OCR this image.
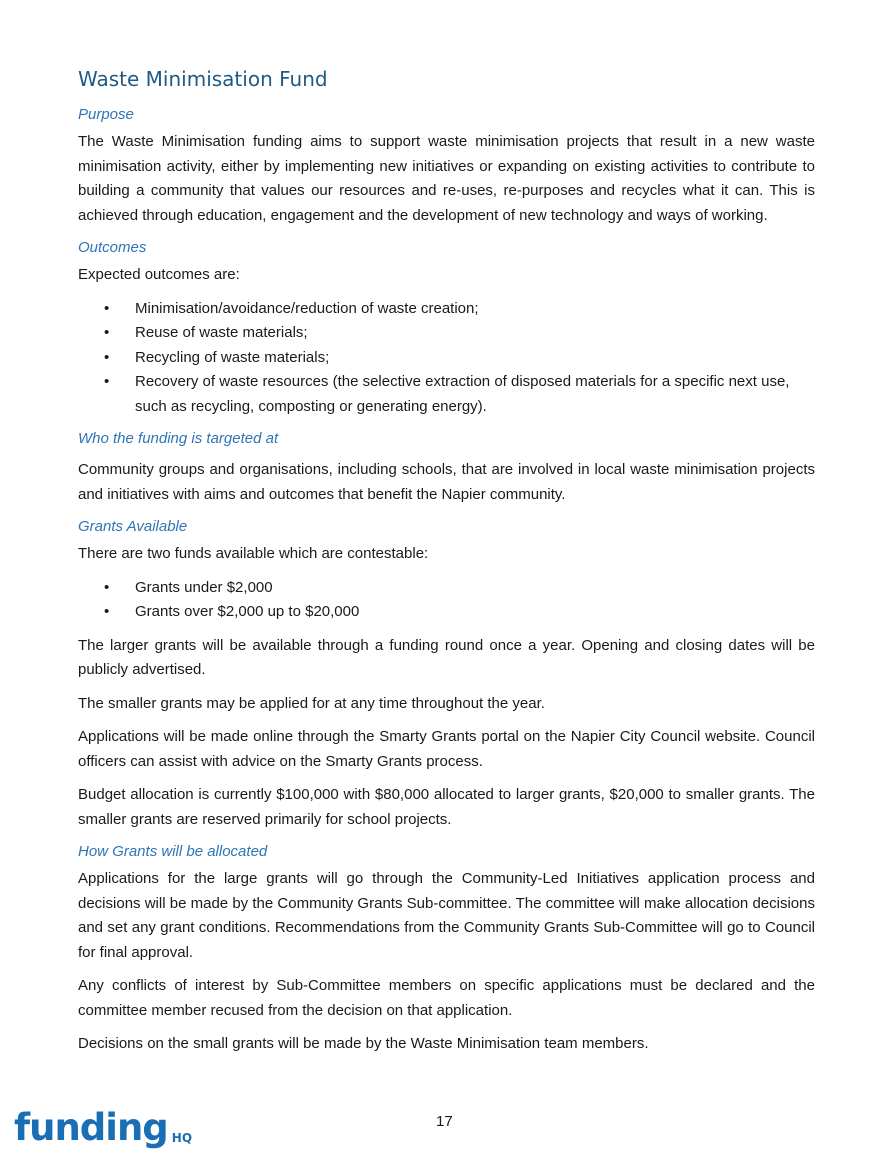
Waste Minimisation Fund
Purpose

The Waste Minimisation funding aims to support waste minimisation projects that result in a new waste minimisation activity, either by implementing new initiatives or expanding on existing activities to contribute to building a community that values our resources and re-uses, re-purposes and recycles what it can. This is achieved through education, engagement and the development of new technology and ways of working.

Outcomes

Expected outcomes are:

• Minimisation/avoidance/reduction of waste creation;
• Reuse of waste materials;
• Recycling of waste materials;
• Recovery of waste resources (the selective extraction of disposed materials for a specific next use, such as recycling, composting or generating energy).
Who the funding is targeted at

Community groups and organisations, including schools, that are involved in local waste minimisation projects and initiatives with aims and outcomes that benefit the Napier community.

Grants Available

There are two funds available which are contestable:

• Grants under $2,000
• Grants over $2,000 up to $20,000

The larger grants will be available through a funding round once a year. Opening and closing dates will be publicly advertised.

The smaller grants may be applied for at any time throughout the year.

Applications will be made online through the Smarty Grants portal on the Napier City Council website. Council officers can assist with advice on the Smarty Grants process.

Budget allocation is currently $100,000 with $80,000 allocated to larger grants, $20,000 to smaller grants. The smaller grants are reserved primarily for school projects.

How Grants will be allocated

Applications for the large grants will go through the Community-Led Initiatives application process and decisions will be made by the Community Grants Sub-committee. The committee will make allocation decisions and set any grant conditions. Recommendations from the Community Grants Sub-Committee will go to Council for final approval.

Any conflicts of interest by Sub-Committee members on specific applications must be declared and the committee member recused from the decision on that application.

Decisions on the small grants will be made by the Waste Minimisation team members.

funding $^{HQ}$
17
